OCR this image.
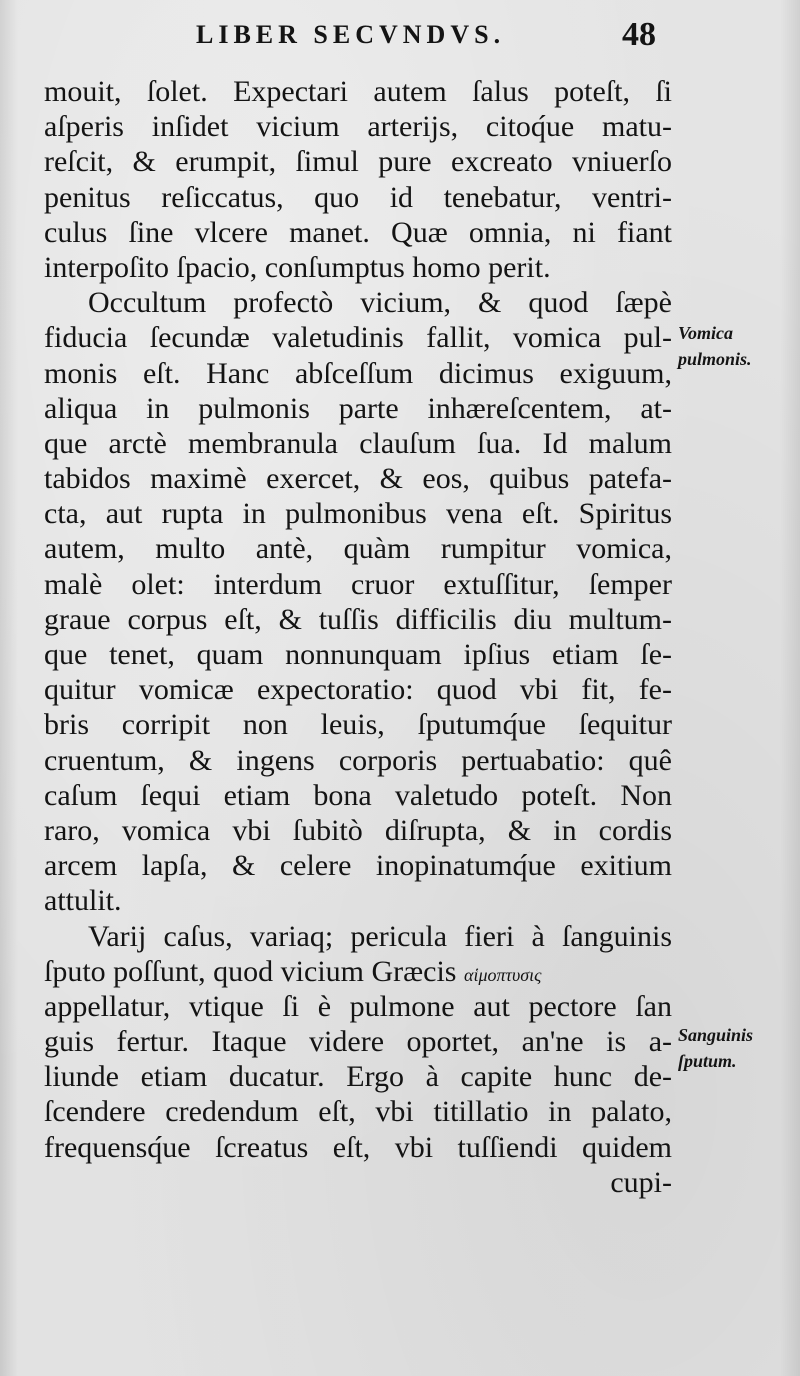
LIBER SECVNDVS.	48
mouit, ſolet. Expectari autem ſalus poteſt, ſi
aſperis inſidet vicium arterijs, citoq́ue matu-
reſcit, & erumpit, ſimul pure excreato vniuerſo
penitus reſiccatus, quo id tenebatur, ventri-
culus ſine vlcere manet. Quæ omnia, ni fiant
interpoſito ſpacio, conſumptus homo perit.
Occultum profectò vicium, & quod ſæpè
fiducia ſecundæ valetudinis fallit, vomica pul-
monis eſt. Hanc abſceſſum dicimus exiguum,
aliqua in pulmonis parte inhæreſcentem, at-
que arctè membranula clauſum ſua. Id malum
tabidos maximè exercet, & eos, quibus patefa-
cta, aut rupta in pulmonibus vena eſt. Spiritus
autem, multo antè, quàm rumpitur vomica,
malè olet: interdum cruor extuſſitur, ſemper
graue corpus eſt, & tuſſis difficilis diu multum-
que tenet, quam nonnunquam ipſius etiam ſe-
quitur vomicæ expectoratio: quod vbi fit, fe-
bris corripit non leuis, ſputumq́ue ſequitur
cruentum, & ingens corporis pertuabatio: quê
caſum ſequi etiam bona valetudo poteſt. Non
raro, vomica vbi ſubitò diſrupta, & in cordis
arcem lapſa, & celere inopinatumq́ue exitium
attulit.
Varij caſus, variaq; pericula fieri à ſanguinis
ſputo poſſunt, quod vicium Græcis αἱμοπτυσις
appellatur, vtique ſi è pulmone aut pectore ſan
guis fertur. Itaque videre oportet, an'ne is a-
liunde etiam ducatur. Ergo à capite hunc de-
ſcendere credendum eſt, vbi titillatio in palato,
frequensq́ue ſcreatus eſt, vbi tuſſiendi quidem
cupi-
Vomica
pulmonis.
Sanguinis
ſputum.
